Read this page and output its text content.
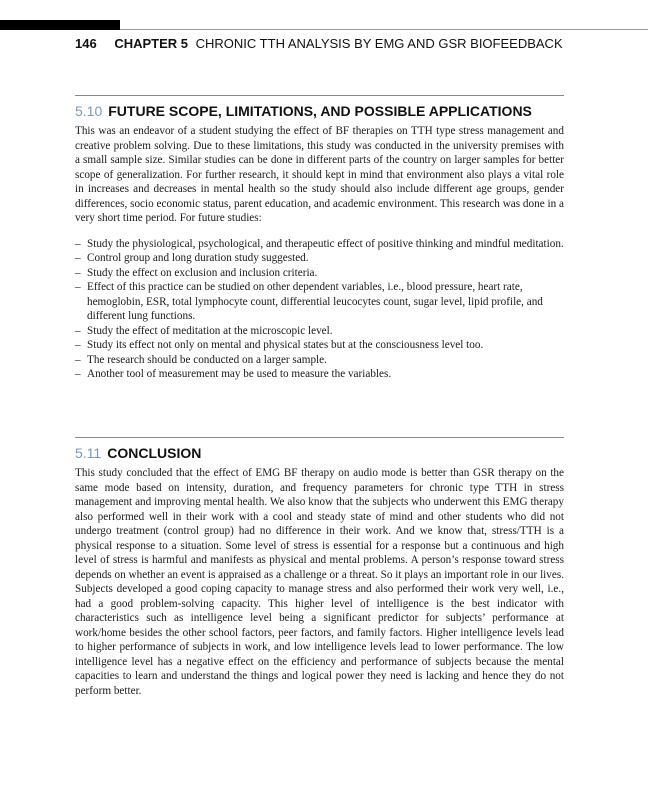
146 CHAPTER 5 CHRONIC TTH ANALYSIS BY EMG AND GSR BIOFEEDBACK
5.10 FUTURE SCOPE, LIMITATIONS, AND POSSIBLE APPLICATIONS

This was an endeavor of a student studying the effect of BF therapies on TTH type stress management and creative problem solving. Due to these limitations, this study was conducted in the university premises with a small sample size. Similar studies can be done in different parts of the country on larger samples for better scope of generalization. For further research, it should kept in mind that environment also plays a vital role in increases and decreases in mental health so the study should also include different age groups, gender differences, socio economic status, parent education, and academic environment. This research was done in a very short time period. For future studies:

– Study the physiological, psychological, and therapeutic effect of positive thinking and mindful meditation.
– Control group and long duration study suggested.
– Study the effect on exclusion and inclusion criteria.
– Effect of this practice can be studied on other dependent variables, i.e., blood pressure, heart rate, hemoglobin, ESR, total lymphocyte count, differential leucocytes count, sugar level, lipid profile, and different lung functions.
– Study the effect of meditation at the microscopic level.
– Study its effect not only on mental and physical states but at the consciousness level too.
– The research should be conducted on a larger sample.
– Another tool of measurement may be used to measure the variables.
5.11 CONCLUSION

This study concluded that the effect of EMG BF therapy on audio mode is better than GSR therapy on the same mode based on intensity, duration, and frequency parameters for chronic type TTH in stress management and improving mental health. We also know that the subjects who underwent this EMG therapy also performed well in their work with a cool and steady state of mind and other students who did not undergo treatment (control group) had no difference in their work. And we know that, stress/TTH is a physical response to a situation. Some level of stress is essential for a response but a continuous and high level of stress is harmful and manifests as physical and mental problems. A person’s response toward stress depends on whether an event is appraised as a challenge or a threat. So it plays an important role in our lives. Subjects developed a good coping capacity to manage stress and also performed their work very well, i.e., had a good problem-solving capacity. This higher level of intelligence is the best indicator with characteristics such as intelligence level being a significant predictor for subjects’ performance at work/home besides the other school factors, peer factors, and family factors. Higher intelligence levels lead to higher performance of subjects in work, and low intelligence levels lead to lower performance. The low intelligence level has a negative effect on the efficiency and performance of subjects because the mental capacities to learn and understand the things and logical power they need is lacking and hence they do not perform better.
